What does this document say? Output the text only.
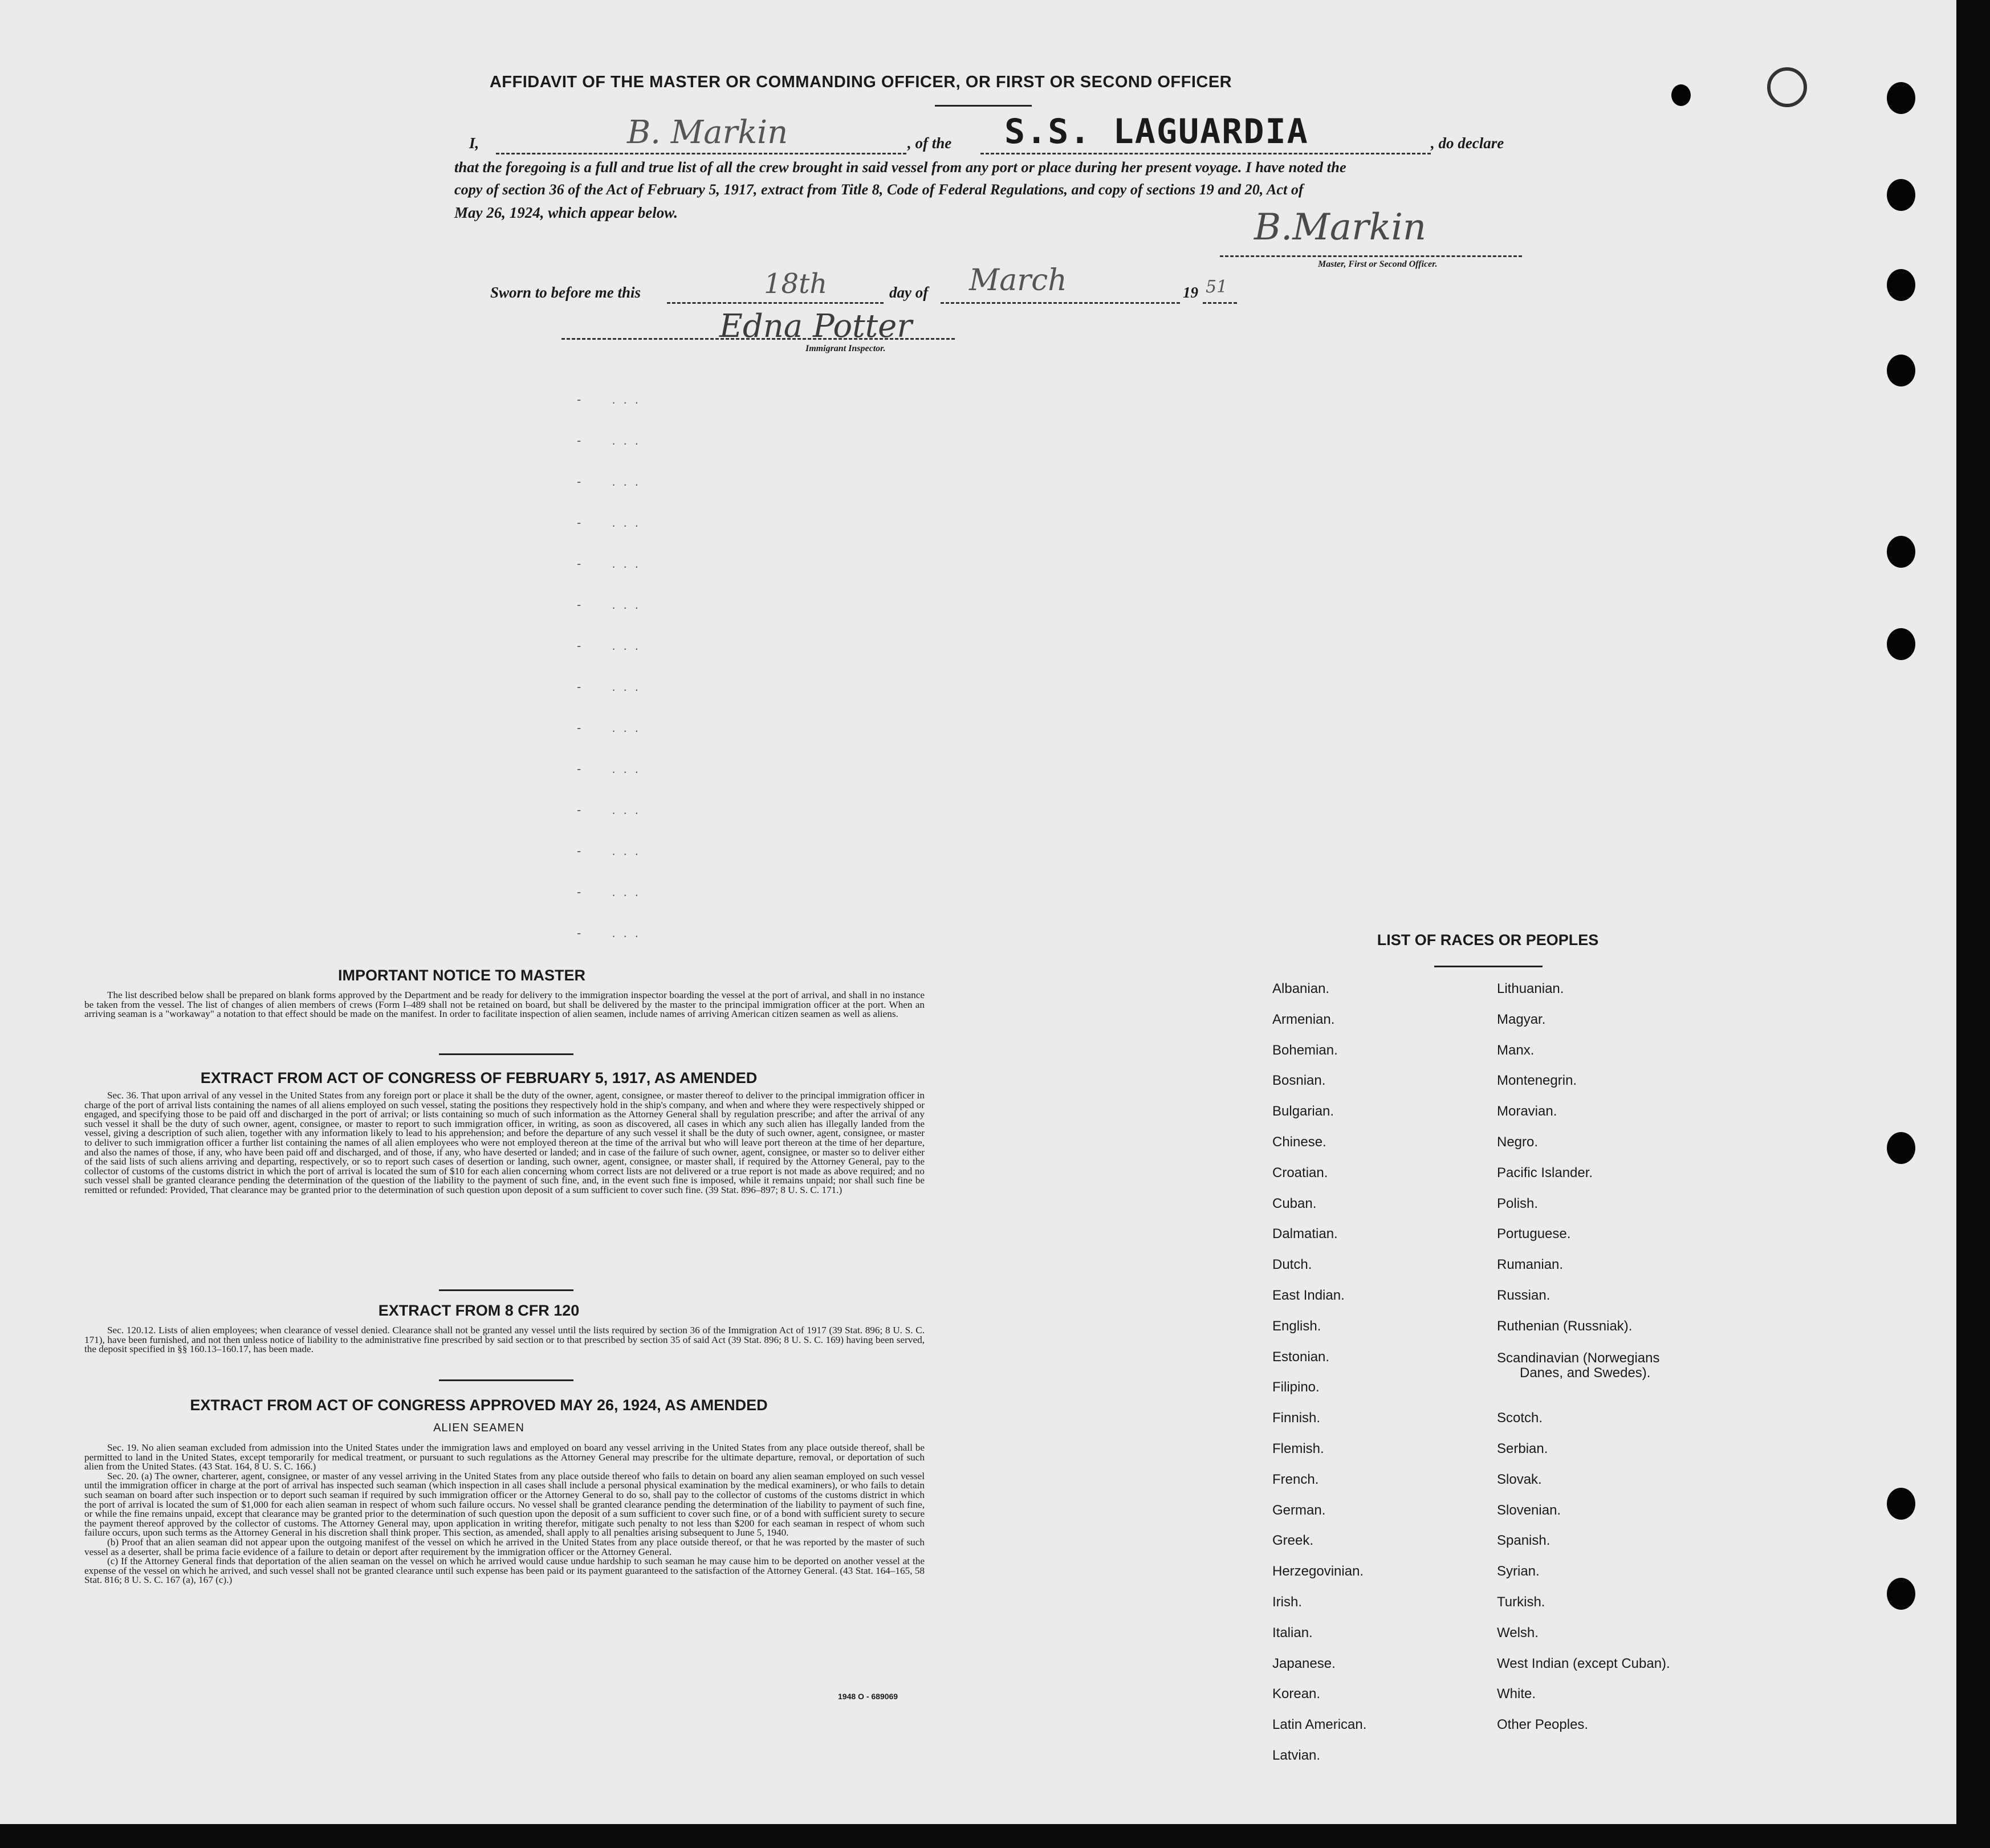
AFFIDAVIT OF THE MASTER OR COMMANDING OFFICER, OR FIRST OR SECOND OFFICER
I,	B. Markin	, of the S.S. LAGUARDIA	, do declare
that the foregoing is a full and true list of all the crew brought in said vessel from any port or place during her present voyage. I have noted the
copy of section 36 of the Act of February 5, 1917, extract from Title 8, Code of Federal Regulations, and copy of sections 19 and 20, Act of
May 26, 1924, which appear below.	B.Markin
Master, First or Second Officer.
Sworn to before me this	18th	day of March	19 51
Edna Potter
Immigrant Inspector.
-  ...
-  ...
-  ...
-  ...
-  ...
-  ...
-  ...
-  ...
-  ...
-  ...
-  ...
-  ...
-  ...
-  ...
IMPORTANT NOTICE TO MASTER

The list described below shall be prepared on blank forms approved by the Department and be ready for delivery to the immigration inspector boarding the vessel at the port of arrival, and shall in no instance be taken from the vessel. The list of changes of alien members of crews (Form I–489 shall not be retained on board, but shall be delivered by the master to the principal immigration officer at the port. When an arriving seaman is a "workaway" a notation to that effect should be made on the manifest. In order to facilitate inspection of alien seamen, include names of arriving American citizen seamen as well as aliens.

EXTRACT FROM ACT OF CONGRESS OF FEBRUARY 5, 1917, AS AMENDED

Sec. 36. That upon arrival of any vessel in the United States from any foreign port or place it shall be the duty of the owner, agent, consignee, or master thereof to deliver to the principal immigration officer in charge of the port of arrival lists containing the names of all aliens employed on such vessel, stating the positions they respectively hold in the ship's company, and when and where they were respectively shipped or engaged, and specifying those to be paid off and discharged in the port of arrival; or lists containing so much of such information as the Attorney General shall by regulation prescribe; and after the arrival of any such vessel it shall be the duty of such owner, agent, consignee, or master to report to such immigration officer, in writing, as soon as discovered, all cases in which any such alien has illegally landed from the vessel, giving a description of such alien, together with any information likely to lead to his apprehension; and before the departure of any such vessel it shall be the duty of such owner, agent, consignee, or master to deliver to such immigration officer a further list containing the names of all alien employees who were not employed thereon at the time of the arrival but who will leave port thereon at the time of her departure, and also the names of those, if any, who have been paid off and discharged, and of those, if any, who have deserted or landed; and in case of the failure of such owner, agent, consignee, or master so to deliver either of the said lists of such aliens arriving and departing, respectively, or so to report such cases of desertion or landing, such owner, agent, consignee, or master shall, if required by the Attorney General, pay to the collector of customs of the customs district in which the port of arrival is located the sum of $10 for each alien concerning whom correct lists are not delivered or a true report is not made as above required; and no such vessel shall be granted clearance pending the determination of the question of the liability to the payment of such fine, and, in the event such fine is imposed, while it remains unpaid; nor shall such fine be remitted or refunded: Provided, That clearance may be granted prior to the determination of such question upon deposit of a sum sufficient to cover such fine. (39 Stat. 896–897; 8 U. S. C. 171.)

EXTRACT FROM 8 CFR 120

Sec. 120.12. Lists of alien employees; when clearance of vessel denied. Clearance shall not be granted any vessel until the lists required by section 36 of the Immigration Act of 1917 (39 Stat. 896; 8 U. S. C. 171), have been furnished, and not then unless notice of liability to the administrative fine prescribed by said section or to that prescribed by section 35 of said Act (39 Stat. 896; 8 U. S. C. 169) having been served, the deposit specified in §§ 160.13–160.17, has been made.

EXTRACT FROM ACT OF CONGRESS APPROVED MAY 26, 1924, AS AMENDED
ALIEN SEAMEN

Sec. 19. No alien seaman excluded from admission into the United States under the immigration laws and employed on board any vessel arriving in the United States from any place outside thereof, shall be permitted to land in the United States, except temporarily for medical treatment, or pursuant to such regulations as the Attorney General may prescribe for the ultimate departure, removal, or deportation of such alien from the United States. (43 Stat. 164, 8 U. S. C. 166.)

Sec. 20. (a) The owner, charterer, agent, consignee, or master of any vessel arriving in the United States from any place outside thereof who fails to detain on board any alien seaman employed on such vessel until the immigration officer in charge at the port of arrival has inspected such seaman (which inspection in all cases shall include a personal physical examination by the medical examiners), or who fails to detain such seaman on board after such inspection or to deport such seaman if required by such immigration officer or the Attorney General to do so, shall pay to the collector of customs of the customs district in which the port of arrival is located the sum of $1,000 for each alien seaman in respect of whom such failure occurs. No vessel shall be granted clearance pending the determination of the liability to payment of such fine, or while the fine remains unpaid, except that clearance may be granted prior to the determination of such question upon the deposit of a sum sufficient to cover such fine, or of a bond with sufficient surety to secure the payment thereof approved by the collector of customs. The Attorney General may, upon application in writing therefor, mitigate such penalty to not less than $200 for each seaman in respect of whom such failure occurs, upon such terms as the Attorney General in his discretion shall think proper. This section, as amended, shall apply to all penalties arising subsequent to June 5, 1940.

(b) Proof that an alien seaman did not appear upon the outgoing manifest of the vessel on which he arrived in the United States from any place outside thereof, or that he was reported by the master of such vessel as a deserter, shall be prima facie evidence of a failure to detain or deport after requirement by the immigration officer or the Attorney General.

(c) If the Attorney General finds that deportation of the alien seaman on the vessel on which he arrived would cause undue hardship to such seaman he may cause him to be deported on another vessel at the expense of the vessel on which he arrived, and such vessel shall not be granted clearance until such expense has been paid or its payment guaranteed to the satisfaction of the Attorney General. (43 Stat. 164–165, 58 Stat. 816; 8 U. S. C. 167 (a), 167 (c).)

1948 O - 689069
LIST OF RACES OR PEOPLES
Albanian.
Armenian.
Bohemian.
Bosnian.
Bulgarian.
Chinese.
Croatian.
Cuban.
Dalmatian.
Dutch.
East Indian.
English.
Estonian.
Filipino.
Finnish.
Flemish.
French.
German.
Greek.
Herzegovinian.
Irish.
Italian.
Japanese.
Korean.
Latin American.
Latvian.
Lithuanian.
Magyar.
Manx.
Montenegrin.
Moravian.
Negro.
Pacific Islander.
Polish.
Portuguese.
Rumanian.
Russian.
Ruthenian (Russniak).
Scandinavian (Norwegians
Danes, and Swedes).
Scotch.
Serbian.
Slovak.
Slovenian.
Spanish.
Syrian.
Turkish.
Welsh.
West Indian (except Cuban).
White.
Other Peoples.
